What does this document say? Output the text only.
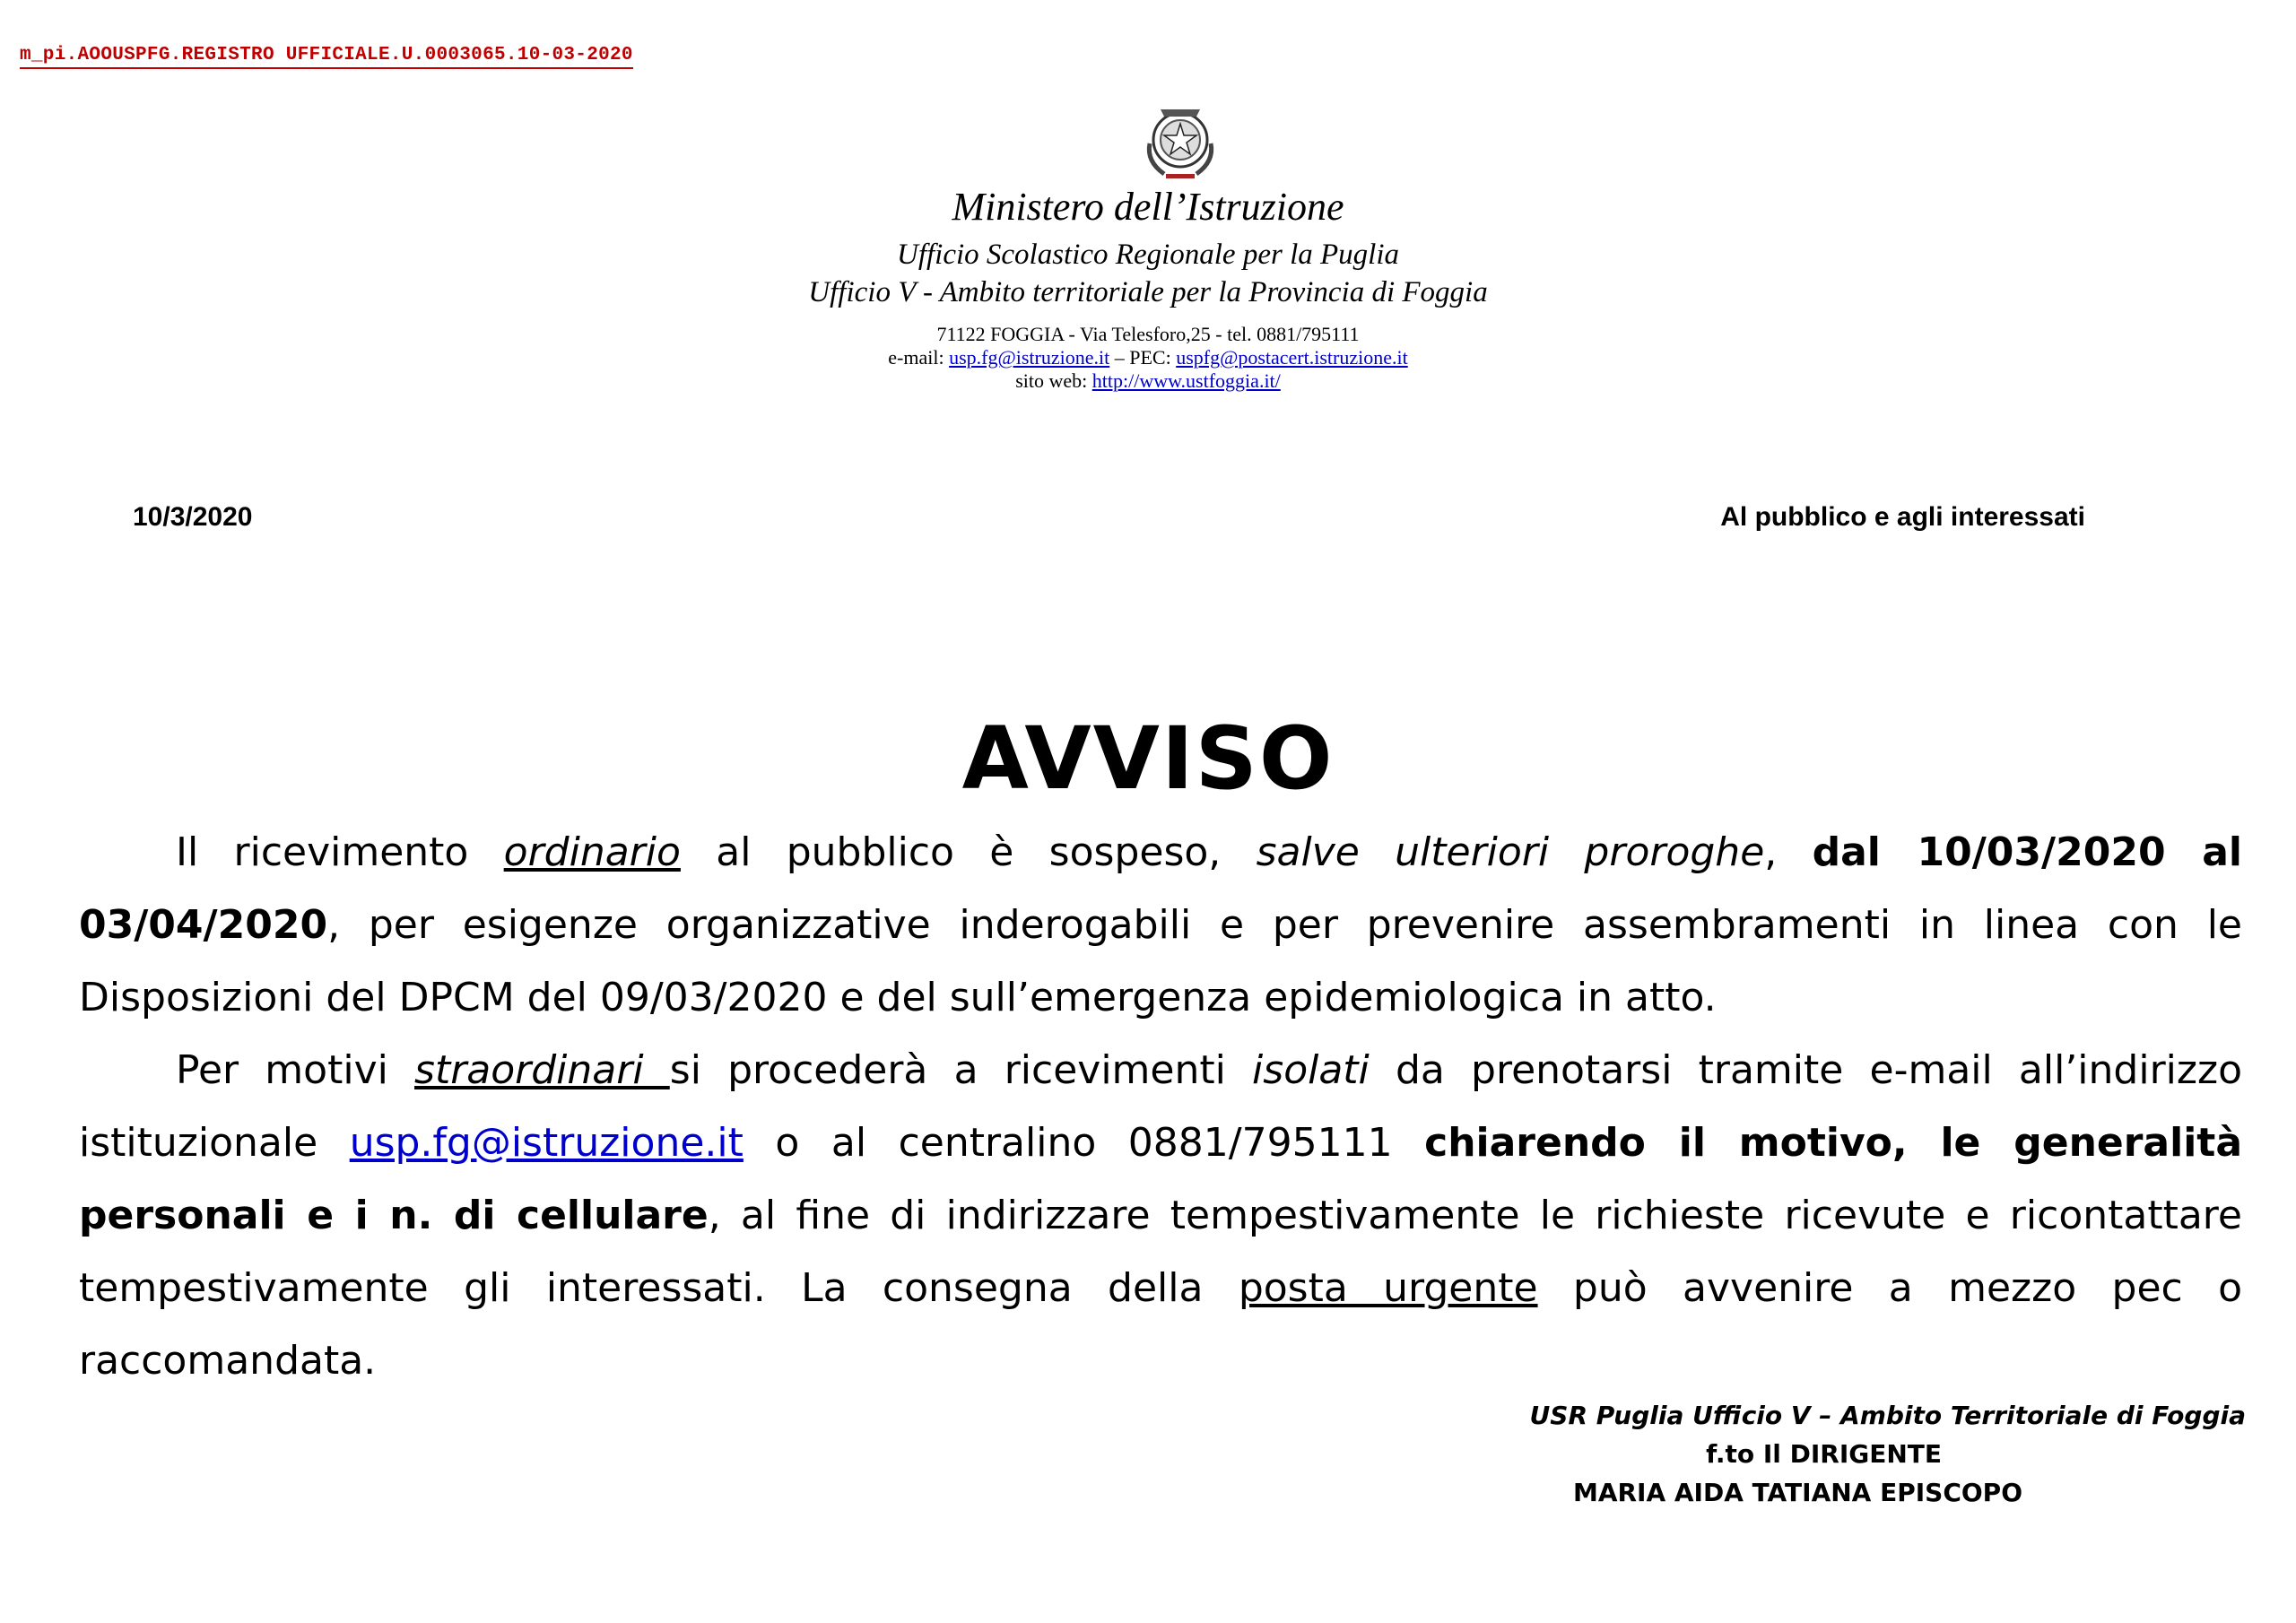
m_pi.AOOUSPFG.REGISTRO UFFICIALE.U.0003065.10-03-2020
Ministero dell’Istruzione
Ufficio Scolastico Regionale per la Puglia
Ufficio V - Ambito territoriale per la Provincia di Foggia
71122 FOGGIA - Via Telesforo,25 - tel. 0881/795111
e-mail: usp.fg@istruzione.it – PEC: uspfg@postacert.istruzione.it
sito web: http://www.ustfoggia.it/
10/3/2020	Al pubblico e agli interessati
AVVISO

Il ricevimento ordinario al pubblico è sospeso, salve ulteriori proroghe, dal 10/03/2020 al 03/04/2020, per esigenze organizzative inderogabili e per prevenire assembramenti in linea con le Disposizioni del DPCM del 09/03/2020 e del sull’emergenza epidemiologica in atto.

Per motivi straordinari si procederà a ricevimenti isolati da prenotarsi tramite e-mail all’indirizzo istituzionale usp.fg@istruzione.it o al centralino 0881/795111 chiarendo il motivo, le generalità personali e i n. di cellulare, al fine di indirizzare tempestivamente le richieste ricevute e ricontattare tempestivamente gli interessati. La consegna della posta urgente può avvenire a mezzo pec o raccomandata.

USR Puglia Ufficio V – Ambito Territoriale di Foggia
f.to Il DIRIGENTE
MARIA AIDA TATIANA EPISCOPO
